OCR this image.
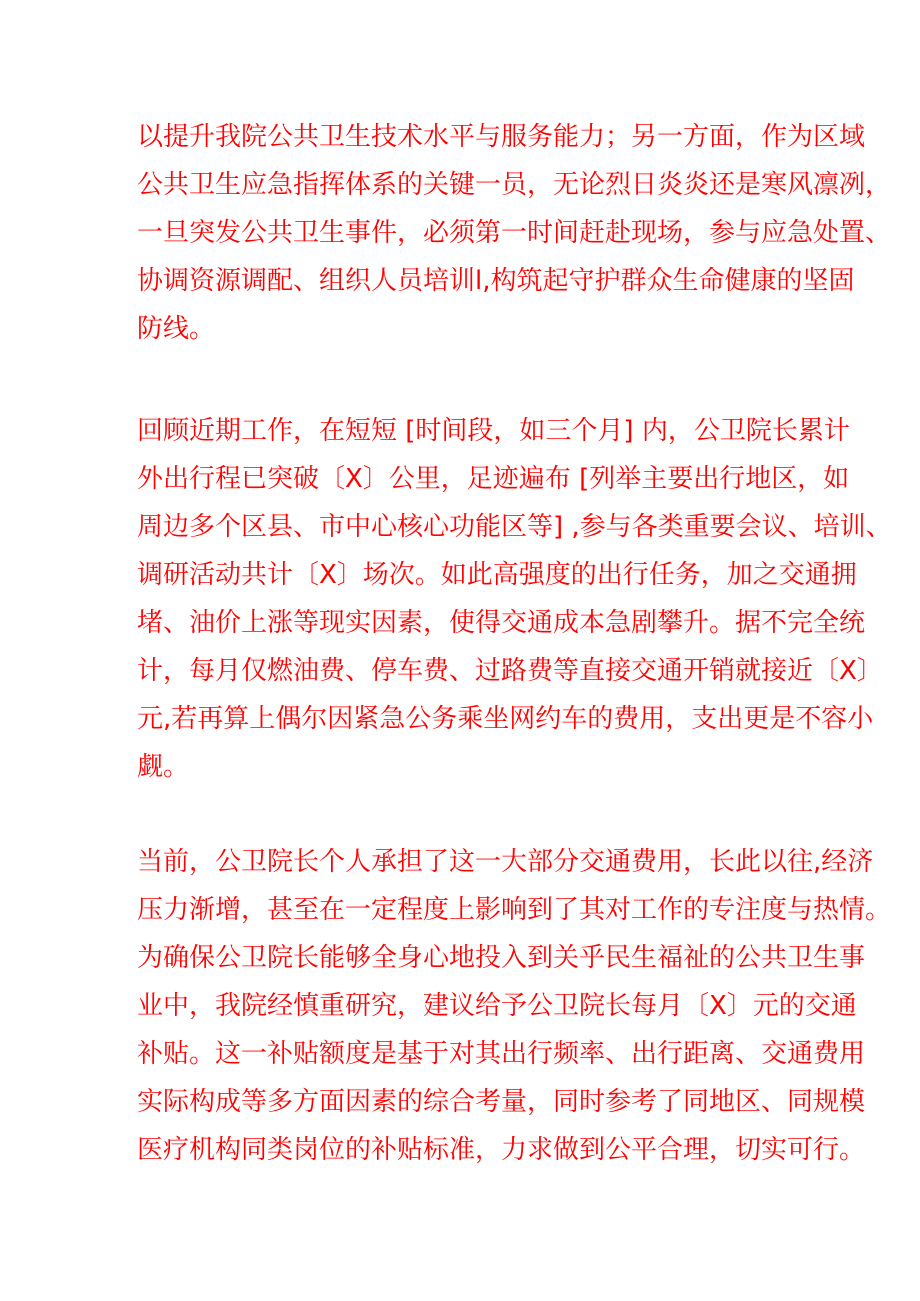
以提升我院公共卫生技术水平与服务能力；另一方面，作为区域
公共卫生应急指挥体系的关键一员，无论烈日炎炎还是寒风凛冽，
一旦突发公共卫生事件，必须第一时间赶赴现场，参与应急处置、
协调资源调配、组织人员培训l,构筑起守护群众生命健康的坚固
防线。

回顾近期工作，在短短 [时间段，如三个月] 内，公卫院长累计
外出行程已突破〔X〕公里，足迹遍布 [列举主要出行地区，如
周边多个区县、市中心核心功能区等] ,参与各类重要会议、培训、
调研活动共计〔X〕场次。如此高强度的出行任务，加之交通拥
堵、油价上涨等现实因素，使得交通成本急剧攀升。据不完全统
计，每月仅燃油费、停车费、过路费等直接交通开销就接近〔X〕
元,若再算上偶尔因紧急公务乘坐网约车的费用，支出更是不容小
觑。

当前，公卫院长个人承担了这一大部分交通费用，长此以往,经济
压力渐增，甚至在一定程度上影响到了其对工作的专注度与热情。
为确保公卫院长能够全身心地投入到关乎民生福祉的公共卫生事
业中，我院经慎重研究，建议给予公卫院长每月〔X〕元的交通
补贴。这一补贴额度是基于对其出行频率、出行距离、交通费用
实际构成等多方面因素的综合考量，同时参考了同地区、同规模
医疗机构同类岗位的补贴标准，力求做到公平合理，切实可行。
